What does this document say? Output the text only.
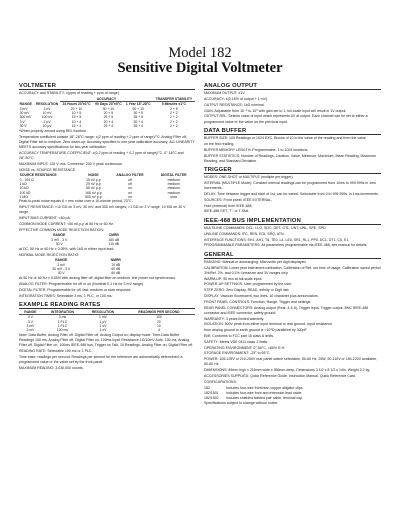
Model 182
Sensitive Digital Voltmeter
VOLTMETER
ACCURACY and STABILITY: ±(ppm of reading + ppm of range)
		ACCURACY			TRANSFER STABILITY
RANGE	RESOLUTION	24 Hours 23°±1°C	90 Days 23°±5°C	1 Year 18°-28°C	5 Minutes ±1°C
3 mV	1 nV	20 + 10	30 + 10	60 + 10	2 + 5
30 mV	10 nV	10 + 5	20 + 5	30 + 5	2 + 2
300 mV	100 nV	15 + 5	25 + 5	35 + 5	2 + 2
3 V	1 µV	10 + 4	20 + 4	30 + 4	2 + 2
30 V	10 µV	15 + 4	25 + 4	35 + 4	2 + 2
*When properly zeroed using REL function.
Temperature coefficient outside 18°-28°C range: ±(2 ppm of reading + 2 ppm of range)/°C. Analog Filter off, Digital Filter set to medium. Zero warm-up: Accuracy specified to one year calibration accuracy; ALL LINEARITY MEETS accuracy specifications for two-year calibration.
ACCURACY TEMPERATURE COEFFICIENT: ±(0.2 ppm of reading + 0.2 ppm of range)/°C, 0°-18°C and 28°-50°C.
MAXIMUM INPUT: 120 V rms. Connector: 200 V peak continuous.
NOISE vs. SOURCE RESISTANCE
SOURCE RESISTANCE	NOISE	ANALOG FILTER	DIGITAL FILTER
0 - 100 Ω	15 nV p-p	off	medium
1 kΩ	25 nV p-p	off	medium
10 kΩ	55 nV p-p	on	medium
100 kΩ	165 nV p-p	on	medium
1 MΩ	500 nV p-p	on	slow
Peak-to-peak noise equals 6 × rms noise over a 10-minute period, 23°C.
INPUT RESISTANCE: >10 GΩ on 3 mV, 30 mV, and 300 mV ranges; >1 GΩ on 3 V range, 10 MΩ on 30 V range.
INPUT BIAS CURRENT: <60 pA.
COMMON MODE CURRENT: <50 nA p-p at 50 Hz or 60 Hz.
EFFECTIVE COMMON MODE REJECTION RATION:
RANGE	CMRR
3 mV - 3 V	160 dB
30 V	110 dB
at DC, 50 Hz or 60 Hz ± 0.05%, with 1kΩ in either input lead.
NORMAL MODE REJECTION RATIO:
RANGE	NMRR
3 mV	70 dB
30 mV - 3 V	60 dB
30 V	60 dB
At 50 Hz or 60 Hz ± 0.05% with analog filter off, digital filter on medium, line power not synchronous.
ANALOG FILTER: Programmable for off or on (Nominal 0.1 Hz for 3 mV range).
DIGITAL FILTER: Programmable for off, fast, medium or slow response.
INTEGRATION TIMES: Selectable 3 ms, 1 PLC, or 100 ms.
EXAMPLE READING RATES
RANGE	INTEGRATION	RESOLUTION	READINGS PER SECOND
3 V	3 ms	1 mV	100
3 V	1 PLC	1 µV	20
3 mV	1 PLC	1 nV	10
3 mV	100 ms	1 nV	4
Note: Data Buffer, Analog Filter off, Digital Filter off, Analog Output on; display mode. Time-Data Buffer Readings 100 ms, Analog Filter off, Digital Filter on, 100ms Input Resistance 1Ω/10mV Auto, 100 ms, Analog Filter off, Digital Filter on, 100ms IEEE-488 bus, Trigger on Talk, 10 Readings, Analog Filter on, Digital Filter off.
READING RATE: Selectable 100 ms or 1 PLC.
Time base, readings per second: Readings per second for the reference are automatically determined; a programmed value or the value set by the front panel.
MAXIMUM READING: 3,030,000 counts.
ANALOG OUTPUT
MAXIMUM OUTPUT: ±1V.
ACCURACY: ±(0.15% of output + 1 mV).
OUTPUT RESISTANCE: 1kΩ nominal.
GAIN: Adjustable from 10⁻⁶ to 10⁶ with gain set to 1, full-scale input will result in 1V output.
OUTPUT REL: Selects value of input which represents 0V at output. Each channel can be set to either a programmed value or the value on the previous input.
DATA BUFFER
BUFFER SIZE: 100 Readings or 1024 EXC. Blocks of 10 to the value of the reading and from the value
on the first reading.
BUFFER MEMORY LENGTH: Programmable, 1 to 1024 locations.
BUFFER STATISTICS: Number of Readings, Location, Value, Minimum, Maximum, Mean Reading, Maximum Reading, and Standard Deviation.
TRIGGER
MODES: ONE-SHOT or MULTIPLE (multiple per trigger).
INTERVAL (MULTIPLE Mode): Constant interval readings can be programmed from 10ms to 999.999s in 1ms increments.
DELAY: Time between trigger and start of 1st, can be varied, Selectable from 0 to 999.999s, in 1ms increments.
SOURCES: Front panel, IEEE EXTERNAL,
Hold (external) from IEEE-488,
IEEE-488 GET, 'T', or T-Stat.
IEEE-488 BUS IMPLEMENTATION
MULTILINE COMMANDS: DCL, LLO, SDC, GET, GTL, UNT, UNL, SPE, SPD.
UNILINE COMMANDS: IFC, REN, EOI, SRQ, ATN.
INTERFACE FUNCTIONS: SH1, AH1, T6, TE0, L4, LE0, SR1, RL1, PP0, DC1, DT1, C0, E1.
PROGRAMMABLE PARAMETERS: All parameters programmable via IEEE-488, see manual for details.
GENERAL
RANGING: Manual or autoranging. Microvolts per digit displayed.
CALIBRATION: Lower year instrument calibration, Calibration of Ref. our time of usage. Calibration saved period 3%/Ref. 2%, and 0.1% Linearizer and 3V ranges only.
WARM-UP: 90 min at full-scale input.
POWER-UP SETTINGS: User programmed by the user.
STEP ZERO: Zero Display, READ, Infinity or Digit last.
DISPLAY: Vacuum fluorescent, two lines. 10 character plus annunciators.
FRONT PANEL CONTROLS: Function, Range, Trigger and settings.
REAR PANEL CONNECTORS: Analog output (Rear, 4 & 8), Trigger input, Trigger output, BNC IEEE-488 connector and IEEE connector, safety ground.
WARRANTY: 3 years limited warranty.
ISOLATION: 500V peak from either input terminal to rear ground. Input resistance
from analog ground to earth ground is >10⁹Ω paralleled by 300pF.
EMI: Conforms to FCC part 15 class A limits.
SAFETY: Meets VDE 0411 class 1 limits.
OPERATING ENVIRONMENT: 0°-50°C, <80% R.H.
STORAGE ENVIRONMENT: -25° to 65°C.
POWER: 105-125V or 210-250V rear panel switch selectable, 50-60 Hz, 25W, 90-110V or 180-220V available, 50-60 Hz.
DIMENSIONS: 89mm high x 216mm wide x 356mm deep, Dimensions 3 1/2 x 8 1/2 x 14in, Weight 3.2 kg.
ACCESSORIES SUPPLIED: Quick Reference Guide, Instruction Manual, Quick Reference Card.
CONFIGURATIONS:
182	Includes four-wire front/rear, copper alligator clips.
182/1801	Includes four-wire front and extension lead cable.
182/1802	Includes shielded twisted pair cable, terminal cap.
Specifications subject to change without notice.
